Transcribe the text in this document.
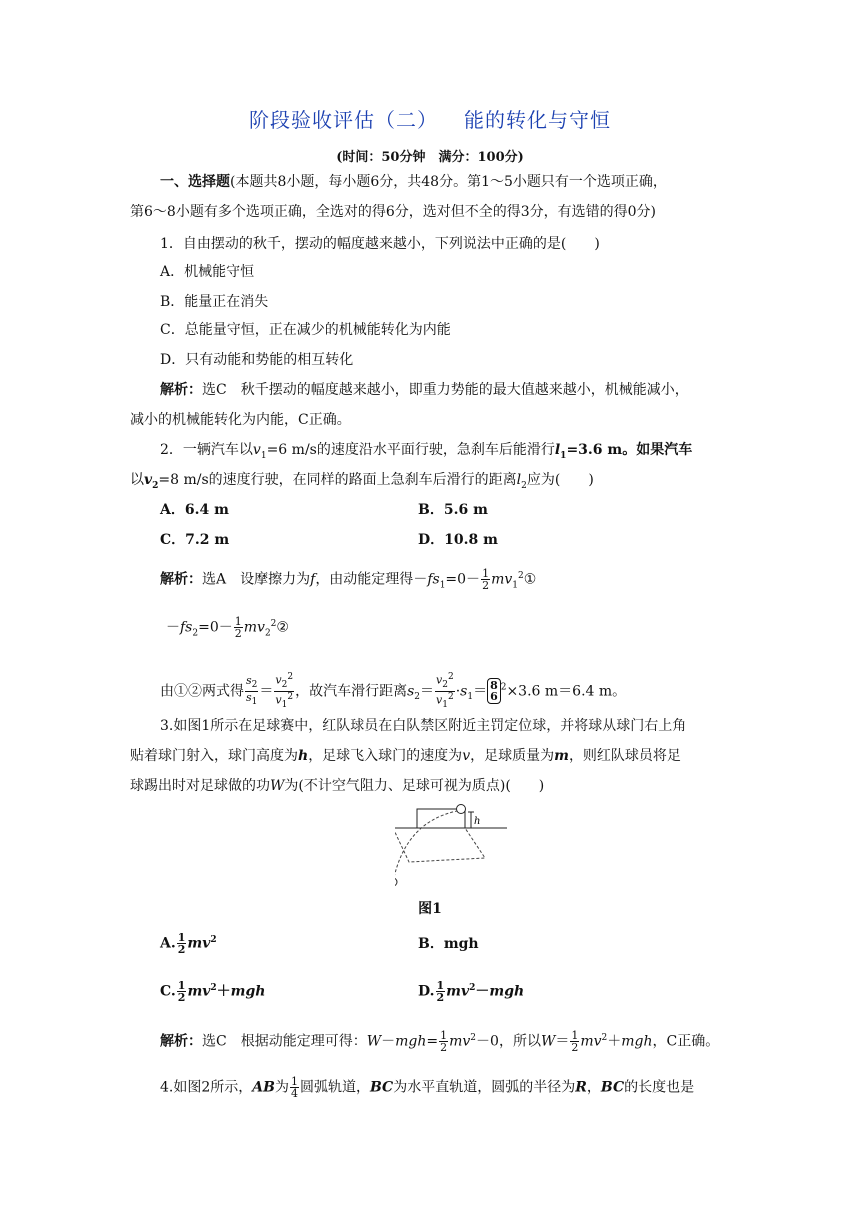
阶段验收评估（二） 能的转化与守恒
(时间：50分钟　满分：100分)
一、选择题(本题共8小题，每小题6分，共48分。第1～5小题只有一个选项正确，
第6～8小题有多个选项正确，全选对的得6分，选对但不全的得3分，有选错的得0分)
1．自由摆动的秋千，摆动的幅度越来越小，下列说法中正确的是(　　)
A．机械能守恒
B．能量正在消失
C．总能量守恒，正在减少的机械能转化为内能
D．只有动能和势能的相互转化
解析：选C　秋千摆动的幅度越来越小，即重力势能的最大值越来越小，机械能减小，
减小的机械能转化为内能，C正确。
2．一辆汽车以$v_1=6$ m/s的速度沿水平面行驶，急刹车后能滑行$l_1=3.6$ m。如果汽车
以$v_2=8$ m/s的速度行驶，在同样的路面上急刹车后滑行的距离$l_2$应为(　　)
A．6.4 m	B．5.6 m
C．7.2 m	D．10.8 m
解析：选A　设摩擦力为f，由动能定理得$-fs_1=0- \frac{1}{2}$ $mv_1^2①$
$-fs_2=0- \frac{1}{2}$ $mv_2^2②$
由①②两式得 $\frac{s_2}{s_1} = \frac{v_2^2}{v_1^2}$ ，故汽车滑行距离$s_2= \frac{v_2^2}{v_1^2} \cdot s_1= 8$
6
$^2$×3.6 m＝6.4 m。
3.如图1所示在足球赛中，红队球员在白队禁区附近主罚定位球，并将球从球门右上角
贴着球门射入，球门高度为h，足球飞入球门的速度为v，足球质量为m，则红队球员将足
球踢出时对足球做的功W为(不计空气阻力、足球可视为质点)(　　)
h
图1
A. $\frac{1}{2} mv^2$	B．mgh
C. $\frac{1}{2} mv^2+mgh$	D. $\frac{1}{2} mv^2-mgh$
解析：选C　根据动能定理可得：$W-mgh= \frac{1}{2} mv^2-0$，所以$W= \frac{1}{2} mv^2+mgh$，C正确。
4.如图2所示，AB为 $\frac{1}{4}$ 圆弧轨道，BC为水平直轨道，圆弧的半径为R，BC的长度也是
